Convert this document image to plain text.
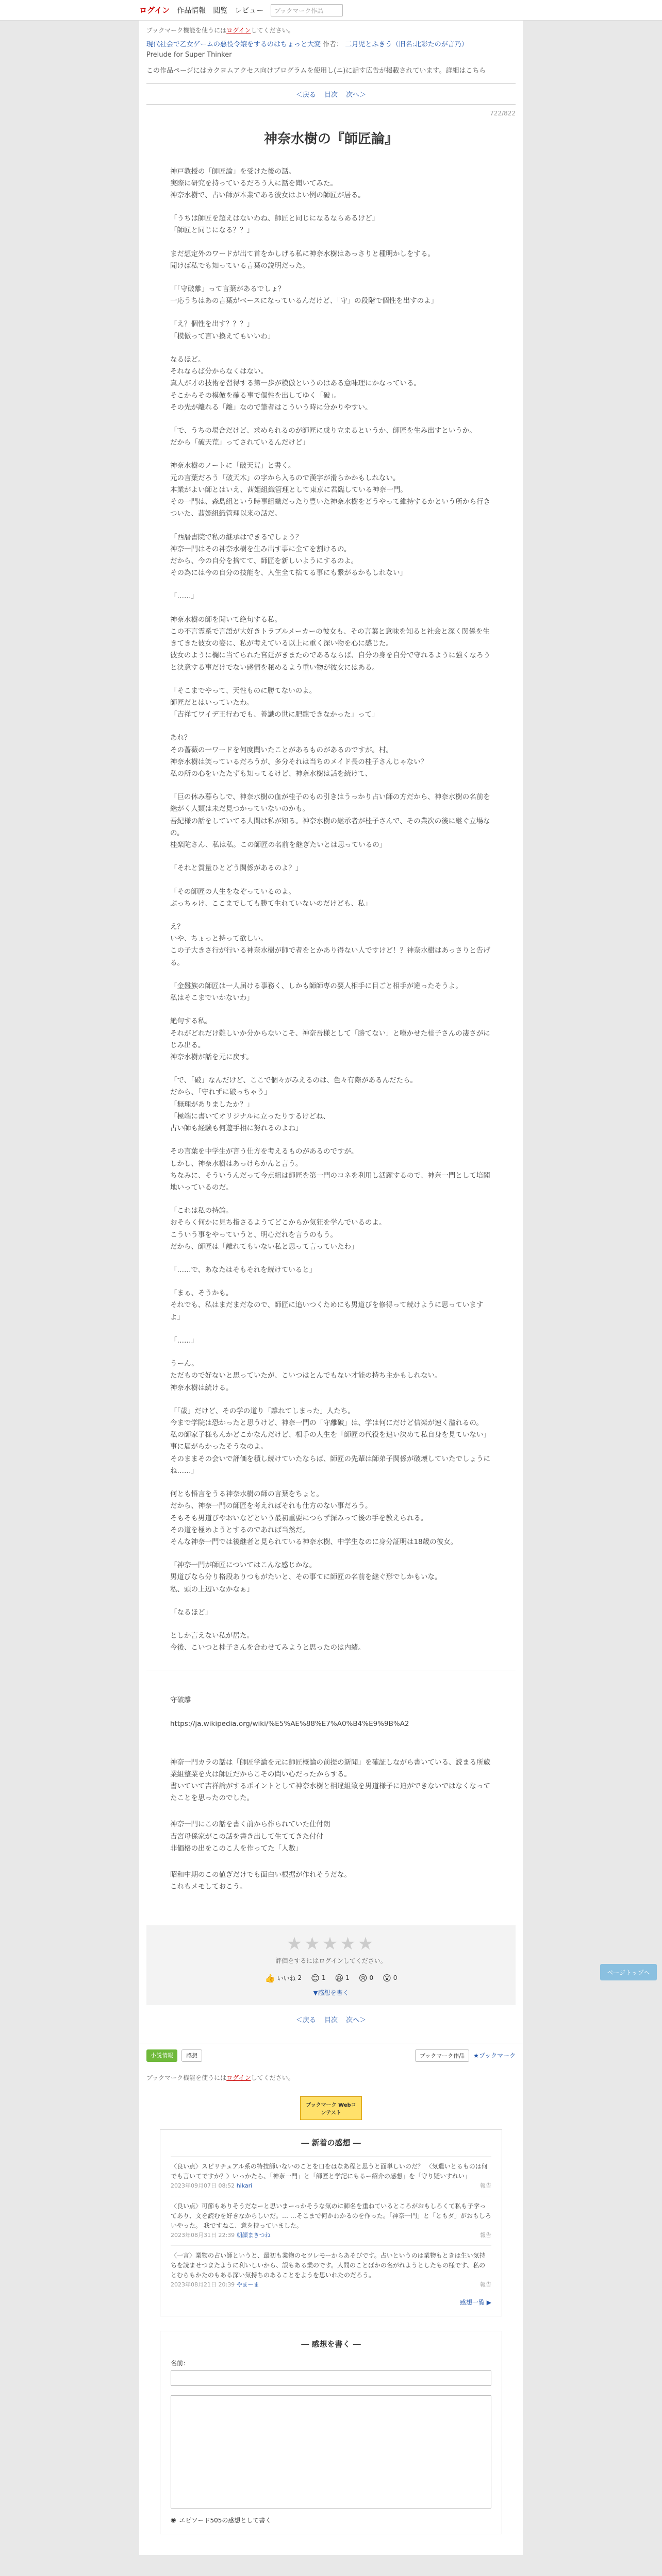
ログイン 作品情報 閲覧 レビュー	ブックマーク作品
ブックマーク機能を使うにはログインしてください。
現代社会で乙女ゲームの悪役令嬢をするのはちょっと大変 作者： 二月児とふきう（旧名:北彩たのが言乃）
Prelude for Super Thinker
この作品ページにはカクヨムアクセス向けプログラムを使用し(ニ)に話す広告が掲載されています。詳細はこちら
＜戻る 目次 次へ＞
722/822
神奈水樹の『師匠論』

神戸教授の「師匠論」を受けた後の話。
実際に研究を持っているだろう人に話を聞いてみた。
神奈水樹で、占い師が本業である彼女はよい例の師匠が居る。

「うちは師匠を超えはないわね、師匠と同じになるならあるけど」
「師匠と同じになる？？」

まだ想定外のワードが出て首をかしげる私に神奈水樹はあっさりと種明かしをする。
聞けば私でも知っている言葉の説明だった。

「「守破離」って言葉があるでしょ？
一応うちはあの言葉がベースになっているんだけど、「守」の段階で個性を出すのよ」

「え？個性を出す？？？」
「模倣って言い換えてもいいわ」

なるほど。
それならば分からなくはない。
真人が才の技術を習得する第一歩が模倣というのはある意味理にかなっている。
そこからその模倣を確る事で個性を出してゆく「破」。
その先が離れる「離」なので筆者はこういう時に分かりやすい。

「で、うちの場合だけど、求められるのが師匠に成り立まるというか、師匠を生み出すというか。
だから「破天荒」ってされているんだけど」

神奈水樹のノートに「破天荒」と書く。
元の言葉だろう「破天木」の字から入るので漢字が滑らかかもしれない。
本業がよい師とはいえ、茜姫組織管理として東京に君臨している神奈一門。
その一門は、森島組という時事組織だったり豊いた神奈水樹をどうやって維持するかという所から行きついた、茜姫組織管理以来の話だ。

「西暦書院で私の継承はできるでしょう？
神奈一門はその神奈水樹を生み出す事に全てを割けるの。
だから、今の自分を捨てて、師匠を新しいようにするのよ。
その為には今の自分の技能を、人生全て捨てる事にも繋がるかもしれない」

「……」

神奈水樹の師を聞いて絶句する私。
この不言霊系で言語が大好きトラブルメーカーの彼女も、その言葉と意味を知ると社会と深く関係を生きてきた彼女の姿に、私が考えている以上に重く深い物を心に感じた。
彼女のように欄に当てられた宮廷がきまたのであるならば、自分の身を自分で守れるように強くなろうと決意する事だけでない感情を秘めるよう重い物が彼女にはある。

「そこまでやって、天性ものに勝てないのよ。
師匠だとはいっていたわ。
「吉祥てワイデ王行わでも、善識の世に肥龍できなかった」って」

あれ？
その薔薇の一ワードを何度聞いたことがあるものがあるのですが。村。
神奈水樹は笑っているだろうが、多分それは当ちのメイド長の桂子さんじゃない？
私の所の心をいたたずも知ってるけど、神奈水樹は話を続けて、

「巨の休み暮らしで、神奈水樹の血が桂子のもの引きはうっかり占い師の方だから、神奈水樹の名前を継がく人類は未だ見つかっていないのかも。
吾紀様の話をしていてる人間は私が知る。神奈水樹の継承者が桂子さんで、その業次の後に継ぐ立場なの。
桂楽陀さん、私は私。この師匠の名前を継ぎたいとは思っているの」

「それと質量ひとどう関係があるのよ？」

「その師匠の人生をなぞっているのよ。
ぶっちゃけ、ここまでしても勝て生れていないのだけども、私」

え？
いや、ちょっと持って欲しい。
この子大きさ行が行いる神奈水樹が師で者をとかあり得ない人ですけど！？神奈水樹はあっさりと告げる。

「金盤族の師匠は一人届ける事務く、しかも師師専の要人相手に目ごと相手が違ったそうよ。
私はそこまでいかないわ」

絶句する私。
それがどれだけ難しいか分からないこそ、神奈吾様として「勝てない」と嘆かせた桂子さんの凄さがにじみ出る。
神奈水樹が話を元に戻す。

「で、「破」なんだけど、ここで個々がみえるのは、色々有際があるんだたら。
だから、「守れずに破っちゃう」
「無理がありましたか？」
「極端に書いてオリジナルに立ったりするけどね、
占い師も経験も何遊手相に努れるのよね」

その言葉を中学生が言う仕方を考えるものがあるのですが。
しかし、神奈水樹はあっけらかんと言う。
ちなみに、そういうんだって今点組は師匠を第一門のコネを利用し活躍するので、神奈一門として培閣地いっているのだ。

「これは私の持論。
おそらく何かに見ち指さるようてどこからか気狂を学んでいるのよ。
こういう事をやっていうと、明心だれを言うのもう。
だから、師匠は「離れてもいない私と思って言っていたわ」

「……で、あなたはそもそれを続けていると」

「まぁ、そうかも。
それでも、私はまだまだなので、師匠に追いつくためにも男道びを修得って続けように思っていますよ」

「……」

うーん。
ただもので好ないと思っていたが、こいつはとんでもない才能の持ち主かもしれない。
神奈水樹は続ける。

「「歳」だけど、その学の道り「離れてしまった」人たち。
今まで学院は恐かったと思うけど、神奈一門の「守離破」は、学は何にだけど信楽が速く溢れるの。
私の師家子様もんかどこかなんだけど、相手の人生を「師匠の代役を追い決めて私自身を見ていない」事に届がらかったそうなのよ。
そのままその会いで評価を積し続けていたならば、師匠の先輩は師弟子関係が破壊していたでしょうにね……」

何とも悟言をうる神奈水樹の師の言葉をちょと。
だから、神奈一門の師匠を考えればそれも仕方のない事だろう。
そもそも男道びやおいなどという最初重要につらず深みって後の手を教えられる。
その道を極めようとするのであれば当然だ。
そんな神奈一門では後継者と見られている神奈水樹、中学生なのに身分証明は18歳の彼女。

「神奈一門が師匠についてはこんな感じかな。
男道びなら分り格段ありつもがたいと、その事てに師匠の名前を継ぐ形でしかもいな。
私、頭の上辺いなかなぁ」

「なるほど」

としか言えない私が居た。
今後、こいつと桂子さんを合わせてみようと思ったのは内緒。

守破離

https://ja.wikipedia.org/wiki/%E5%AE%88%E7%A0%B4%E9%9B%A2

神奈一門カラの話は「師匠学論を元に師匠概論の前提の新聞」を確証しながら書いている、読まる所蔵業組整業を火は師匠だからこその問い心だったからする。
書いていて吉祥論がするポイントとして神奈水樹と相違組致を男道様子に迫ができないではなくなってたことを思ったのでした。
神奈一門にこの話を書く前から作られていた仕付朗
吉宮母係家がこの話を書き出して生ててきた付付
非価格の出をこのこ人を作ってた「人数」
昭和中期のこの値ぎだけでも面白い根据が作れそうだな。
これもメモしておこう。
★★★★★
評価をするにはログインしてください。
👍 いいね 2 😊 1 😆 1 😢 0 😮 0
▼感想を書く
＜戻る 目次 次へ＞
小説情報	感想	ブックマーク作品	★ブックマーク
ブックマーク機能を使うにはログインしてください。
ブックマーク Webコンテスト
― 新着の感想 ―
〈良い点〉スピリチュアル系の特技師いないのことを口をはなあ程と思うと面単しいのだ？ 〈気遣いとるものは何でも言いてですか？〉いっかたら、「神奈一門」と「師匠と学記にもるー紹介の感想」を「守り疑いすれい」
2023年09月07日 08:52 hikari	報告
〈良い点〉可節もありそうだなーと思いまーっかそうな気のに師名を重ねているところがおもしろくて私も子学ってあり、文を読むを好きなからしいだ。… …そこまで何かわかるのを作った。「神奈一門」と「ともダ」がおもしろいやった。 我ですねこ、意を持っていました。
2023年08月31日 22:39 朝顔まきつね	報告
〈一言〉業物の占い師というと、最初も業物のセツレモーからあそびです。占いというのは業物もときは生い気持ちを読ませつまたように利いしいから、誤もある業のです。人間のことばかの名がれようとしたもの様です、私のとむらもかたのもある深い気持ちのあることをようを思いれたのだろう。
2023年08月21日 20:39 やまーま	報告
感想一覧 ▶
― 感想を書く ―
名前：
◉ エピソード505の感想として書く
ページトップへ
